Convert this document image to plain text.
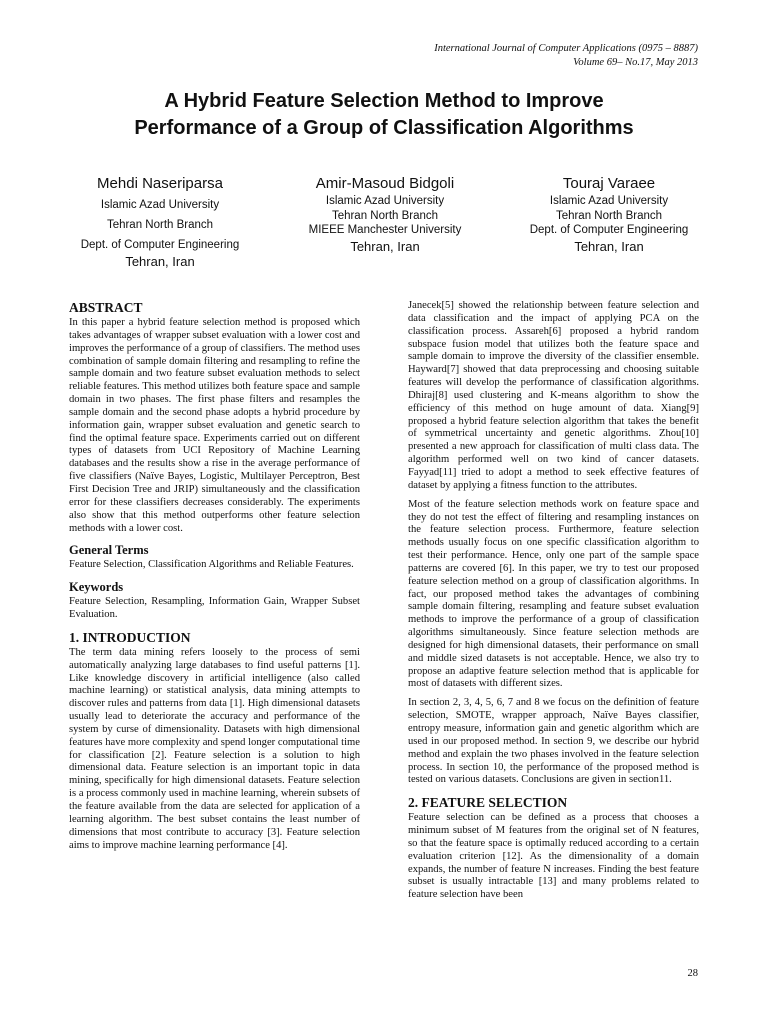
International Journal of Computer Applications (0975 – 8887)
Volume 69– No.17, May 2013
A Hybrid Feature Selection Method to Improve
Performance of a Group of Classification Algorithms
Mehdi Naseriparsa
Islamic Azad University
Tehran North Branch
Dept. of Computer Engineering
Tehran, Iran
Amir-Masoud Bidgoli
Islamic Azad University
Tehran North Branch
MIEEE Manchester University
Tehran, Iran
Touraj Varaee
Islamic Azad University
Tehran North Branch
Dept. of Computer Engineering
Tehran, Iran
ABSTRACT

In this paper a hybrid feature selection method is proposed which takes advantages of wrapper subset evaluation with a lower cost and improves the performance of a group of classifiers. The method uses combination of sample domain filtering and resampling to refine the sample domain and two feature subset evaluation methods to select reliable features. This method utilizes both feature space and sample domain in two phases. The first phase filters and resamples the sample domain and the second phase adopts a hybrid procedure by information gain, wrapper subset evaluation and genetic search to find the optimal feature space. Experiments carried out on different types of datasets from UCI Repository of Machine Learning databases and the results show a rise in the average performance of five classifiers (Naïve Bayes, Logistic, Multilayer Perceptron, Best First Decision Tree and JRIP) simultaneously and the classification error for these classifiers decreases considerably. The experiments also show that this method outperforms other feature selection methods with a lower cost.

General Terms

Feature Selection, Classification Algorithms and Reliable Features.

Keywords

Feature Selection, Resampling, Information Gain, Wrapper Subset Evaluation.

1. INTRODUCTION

The term data mining refers loosely to the process of semi automatically analyzing large databases to find useful patterns [1]. Like knowledge discovery in artificial intelligence (also called machine learning) or statistical analysis, data mining attempts to discover rules and patterns from data [1]. High dimensional datasets usually lead to deteriorate the accuracy and performance of the system by curse of dimensionality. Datasets with high dimensional features have more complexity and spend longer computational time for classification [2]. Feature selection is a solution to high dimensional data. Feature selection is an important topic in data mining, specifically for high dimensional datasets. Feature selection is a process commonly used in machine learning, wherein subsets of the feature available from the data are selected for application of a learning algorithm. The best subset contains the least number of dimensions that most contribute to accuracy [3]. Feature selection aims to improve machine learning performance [4].

Janecek[5] showed the relationship between feature selection and data classification and the impact of applying PCA on the classification process. Assareh[6] proposed a hybrid random subspace fusion model that utilizes both the feature space and sample domain to improve the diversity of the classifier ensemble. Hayward[7] showed that data preprocessing and choosing suitable features will develop the performance of classification algorithms. Dhiraj[8] used clustering and K-means algorithm to show the efficiency of this method on huge amount of data. Xiang[9] proposed a hybrid feature selection algorithm that takes the benefit of symmetrical uncertainty and genetic algorithms. Zhou[10] presented a new approach for classification of multi class data. The algorithm performed well on two kind of cancer datasets. Fayyad[11] tried to adopt a method to seek effective features of dataset by applying a fitness function to the attributes.

Most of the feature selection methods work on feature space and they do not test the effect of filtering and resampling instances on the feature selection process. Furthermore, feature selection methods usually focus on one specific classification algorithm to test their performance. Hence, only one part of the sample space patterns are covered [6]. In this paper, we try to test our proposed feature selection method on a group of classification algorithms. In fact, our proposed method takes the advantages of combining sample domain filtering, resampling and feature subset evaluation methods to improve the performance of a group of classification algorithms simultaneously. Since feature selection methods are designed for high dimensional datasets, their performance on small and middle sized datasets is not acceptable. Hence, we also try to propose an adaptive feature selection method that is applicable for most of datasets with different sizes.

In section 2, 3, 4, 5, 6, 7 and 8 we focus on the definition of feature selection, SMOTE, wrapper approach, Naïve Bayes classifier, entropy measure, information gain and genetic algorithm which are used in our proposed method. In section 9, we describe our hybrid method and explain the two phases involved in the feature selection process. In section 10, the performance of the proposed method is tested on various datasets. Conclusions are given in section11.

2. FEATURE SELECTION

Feature selection can be defined as a process that chooses a minimum subset of M features from the original set of N features, so that the feature space is optimally reduced according to a certain evaluation criterion [12]. As the dimensionality of a domain expands, the number of feature N increases. Finding the best feature subset is usually intractable [13] and many problems related to feature selection have been

28
